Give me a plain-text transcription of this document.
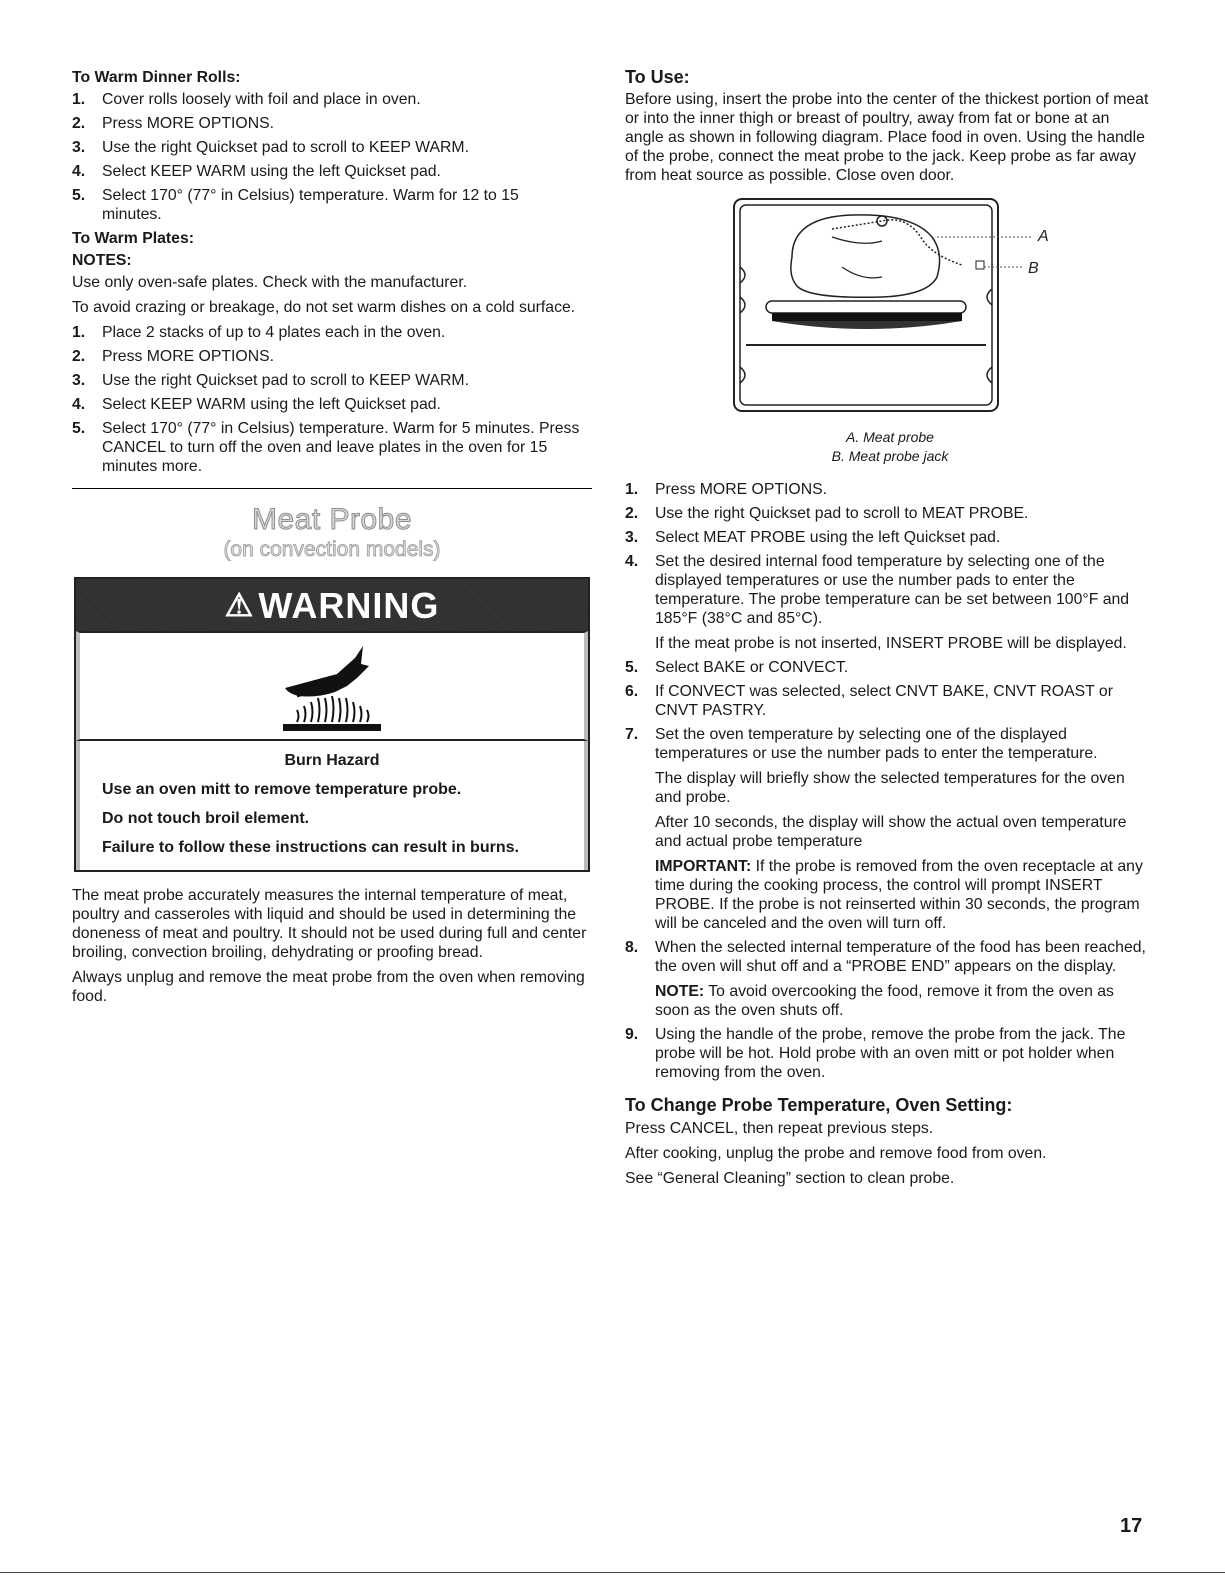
To Warm Dinner Rolls:
1. Cover rolls loosely with foil and place in oven.
2. Press MORE OPTIONS.
3. Use the right Quickset pad to scroll to KEEP WARM.
4. Select KEEP WARM using the left Quickset pad.
5. Select 170° (77° in Celsius) temperature. Warm for 12 to 15 minutes.
To Warm Plates:
NOTES:
Use only oven-safe plates. Check with the manufacturer.
To avoid crazing or breakage, do not set warm dishes on a cold surface.
1. Place 2 stacks of up to 4 plates each in the oven.
2. Press MORE OPTIONS.
3. Use the right Quickset pad to scroll to KEEP WARM.
4. Select KEEP WARM using the left Quickset pad.
5. Select 170° (77° in Celsius) temperature. Warm for 5 minutes. Press CANCEL to turn off the oven and leave plates in the oven for 15 minutes more.
Meat Probe
(on convection models)
⚠ WARNING
Burn Hazard
Use an oven mitt to remove temperature probe.
Do not touch broil element.
Failure to follow these instructions can result in burns.
The meat probe accurately measures the internal temperature of meat, poultry and casseroles with liquid and should be used in determining the doneness of meat and poultry. It should not be used during full and center broiling, convection broiling, dehydrating or proofing bread.
Always unplug and remove the meat probe from the oven when removing food.
To Use:
Before using, insert the probe into the center of the thickest portion of meat or into the inner thigh or breast of poultry, away from fat or bone at an angle as shown in following diagram. Place food in oven. Using the handle of the probe, connect the meat probe to the jack. Keep probe as far away from heat source as possible. Close oven door.
A
B
A. Meat probe
B. Meat probe jack
1. Press MORE OPTIONS.
2. Use the right Quickset pad to scroll to MEAT PROBE.
3. Select MEAT PROBE using the left Quickset pad.
4. Set the desired internal food temperature by selecting one of the displayed temperatures or use the number pads to enter the temperature. The probe temperature can be set between 100°F and 185°F (38°C and 85°C).
If the meat probe is not inserted, INSERT PROBE will be displayed.
5. Select BAKE or CONVECT.
6. If CONVECT was selected, select CNVT BAKE, CNVT ROAST or CNVT PASTRY.
7. Set the oven temperature by selecting one of the displayed temperatures or use the number pads to enter the temperature.
The display will briefly show the selected temperatures for the oven and probe.
After 10 seconds, the display will show the actual oven temperature and actual probe temperature
IMPORTANT: If the probe is removed from the oven receptacle at any time during the cooking process, the control will prompt INSERT PROBE. If the probe is not reinserted within 30 seconds, the program will be canceled and the oven will turn off.
8. When the selected internal temperature of the food has been reached, the oven will shut off and a “PROBE END” appears on the display.
NOTE: To avoid overcooking the food, remove it from the oven as soon as the oven shuts off.
9. Using the handle of the probe, remove the probe from the jack. The probe will be hot. Hold probe with an oven mitt or pot holder when removing from the oven.
To Change Probe Temperature, Oven Setting:
Press CANCEL, then repeat previous steps.
After cooking, unplug the probe and remove food from oven.
See “General Cleaning” section to clean probe.
17
